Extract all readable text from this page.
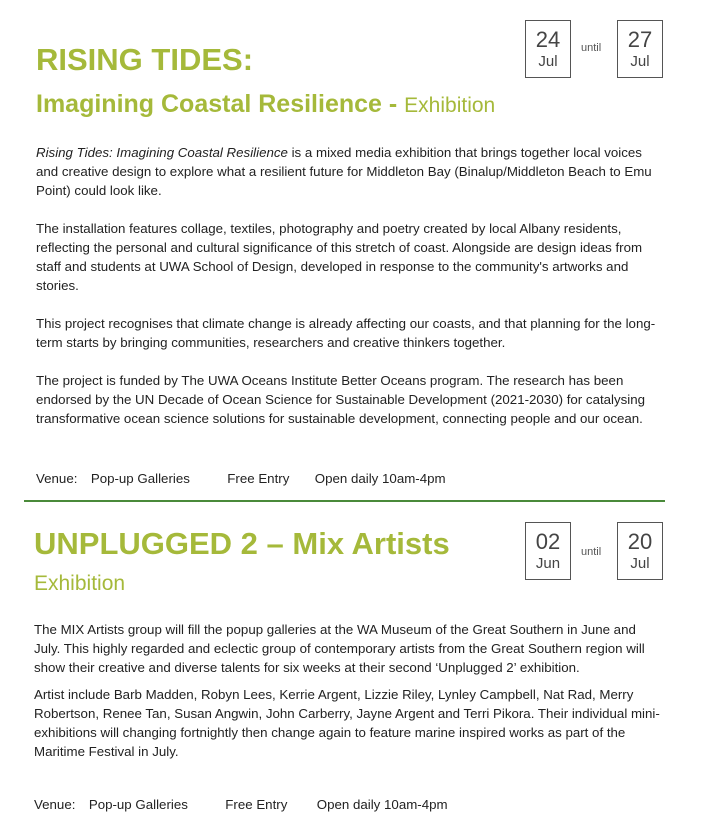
RISING TIDES:
Imagining Coastal Resilience - Exhibition
24
Jul
until	27
Jul

Rising Tides: Imagining Coastal Resilience is a mixed media exhibition that brings together local voices and creative design to explore what a resilient future for Middleton Bay (Binalup/Middleton Beach to Emu Point) could look like.

The installation features collage, textiles, photography and poetry created by local Albany residents, reflecting the personal and cultural significance of this stretch of coast. Alongside are design ideas from staff and students at UWA School of Design, developed in response to the community's artworks and stories.

This project recognises that climate change is already affecting our coasts, and that planning for the long-term starts by bringing communities, researchers and creative thinkers together.

The project is funded by The UWA Oceans Institute Better Oceans program. The research has been endorsed by the UN Decade of Ocean Science for Sustainable Development (2021-2030) for catalysing transformative ocean science solutions for sustainable development, connecting people and our ocean.

Venue: Pop-up Galleries	Free Entry Open daily 10am-4pm
UNPLUGGED 2 – Mix Artists
Exhibition
02
Jun
until	20
Jul

The MIX Artists group will fill the popup galleries at the WA Museum of the Great Southern in June and July. This highly regarded and eclectic group of contemporary artists from the Great Southern region will show their creative and diverse talents for six weeks at their second ‘Unplugged 2’ exhibition.

Artist include Barb Madden, Robyn Lees, Kerrie Argent, Lizzie Riley, Lynley Campbell, Nat Rad, Merry Robertson, Renee Tan, Susan Angwin, John Carberry, Jayne Argent and Terri Pikora. Their individual mini-exhibitions will changing fortnightly then change again to feature marine inspired works as part of the Maritime Festival in July.

Venue: Pop-up Galleries	Free Entry Open daily 10am-4pm
